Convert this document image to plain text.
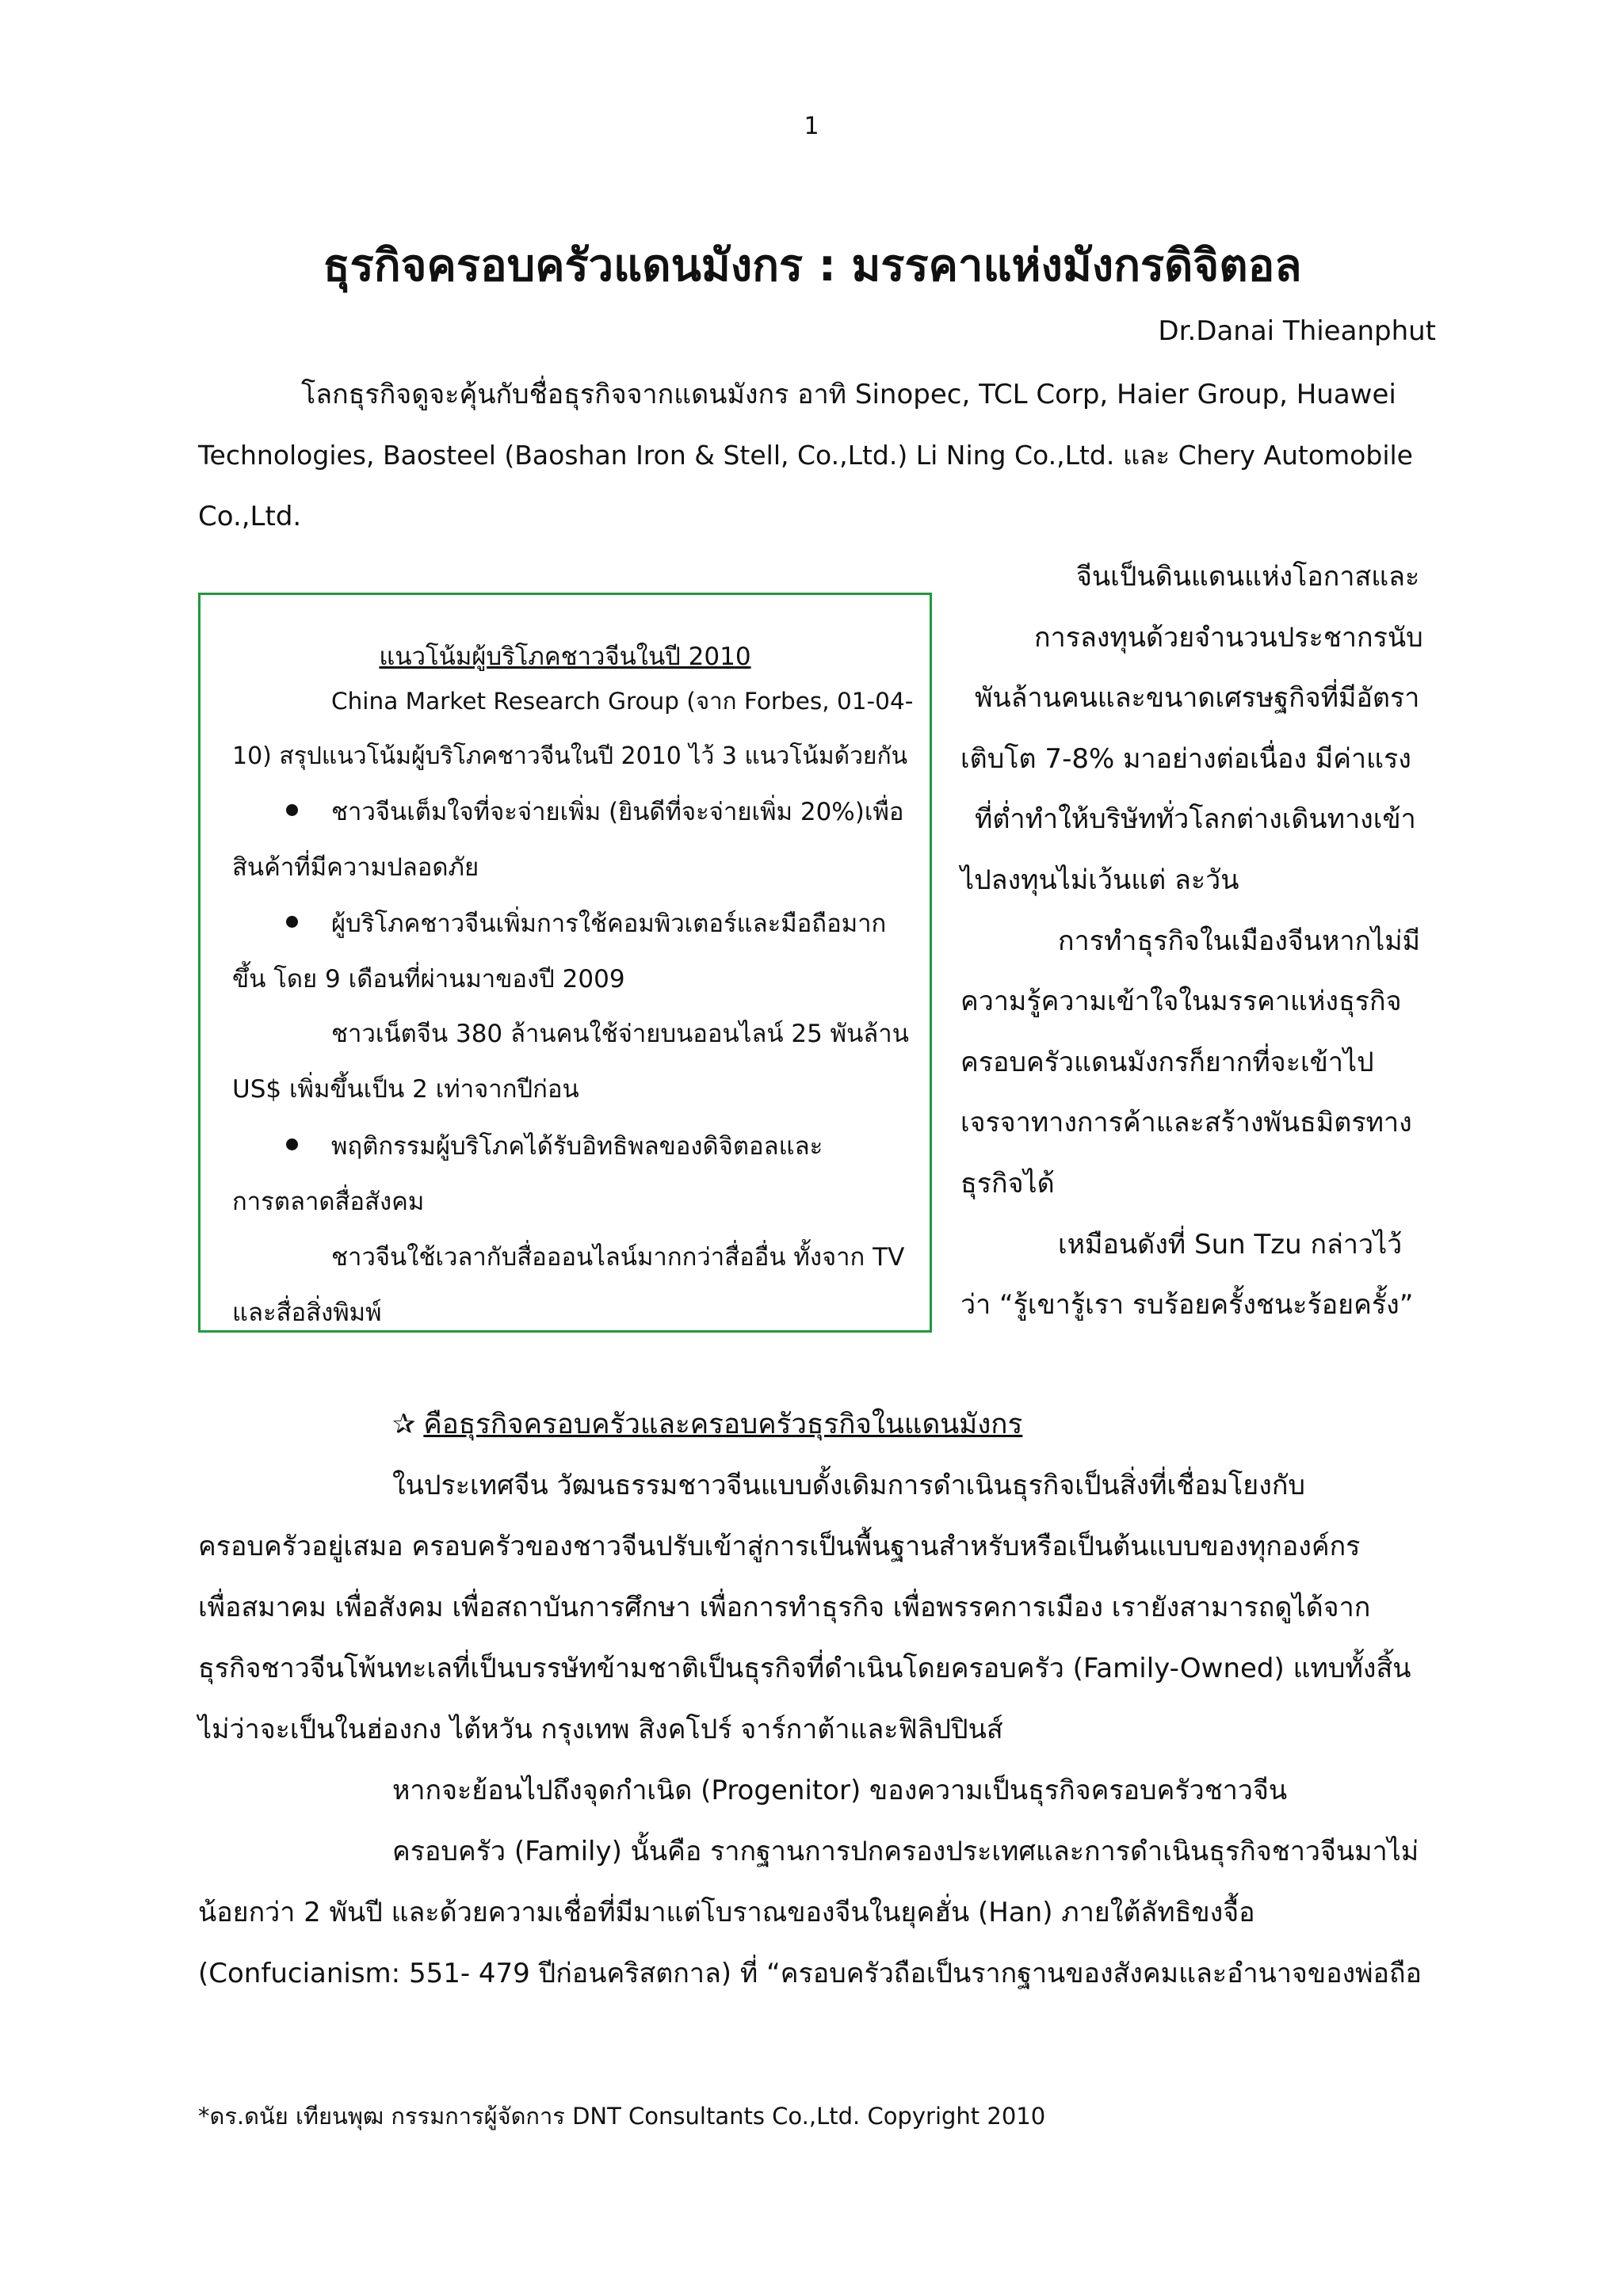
1
ธุรกิจครอบครัวแดนมังกร : มรรคาแห่งมังกรดิจิตอล
Dr.Danai Thieanphut
โลกธุรกิจดูจะคุ้นกับชื่อธุรกิจจากแดนมังกร อาทิ Sinopec, TCL Corp, Haier Group, Huawei
Technologies, Baosteel (Baoshan Iron & Stell, Co.,Ltd.) Li Ning Co.,Ltd. และ Chery Automobile
Co.,Ltd.
แนวโน้มผู้บริโภคชาวจีนในปี 2010
China Market Research Group (จาก Forbes, 01-04-
10) สรุปแนวโน้มผู้บริโภคชาวจีนในปี 2010 ไว้ 3 แนวโน้มด้วยกัน
ชาวจีนเต็มใจที่จะจ่ายเพิ่ม (ยินดีที่จะจ่ายเพิ่ม 20%)เพื่อ
สินค้าที่มีความปลอดภัย
ผู้บริโภคชาวจีนเพิ่มการใช้คอมพิวเตอร์และมือถือมาก
ขึ้น โดย 9 เดือนที่ผ่านมาของปี 2009
ชาวเน็ตจีน 380 ล้านคนใช้จ่ายบนออนไลน์ 25 พันล้าน
US$ เพิ่มขึ้นเป็น 2 เท่าจากปีก่อน
พฤติกรรมผู้บริโภคได้รับอิทธิพลของดิจิตอลและ
การตลาดสื่อสังคม
ชาวจีนใช้เวลากับสื่อออนไลน์มากกว่าสื่ออื่น ทั้งจาก TV
และสื่อสิ่งพิมพ์
จีนเป็นดินแดนแห่งโอกาสและ
การลงทุนด้วยจำนวนประชากรนับ
พันล้านคนและขนาดเศรษฐกิจที่มีอัตรา
เติบโต 7-8% มาอย่างต่อเนื่อง มีค่าแรง
ที่ต่ำทำให้บริษัททั่วโลกต่างเดินทางเข้า
ไปลงทุนไม่เว้นแต่ ละวัน
การทำธุรกิจในเมืองจีนหากไม่มี
ความรู้ความเข้าใจในมรรคาแห่งธุรกิจ
ครอบครัวแดนมังกรก็ยากที่จะเข้าไป
เจรจาทางการค้าและสร้างพันธมิตรทาง
ธุรกิจได้
เหมือนดังที่ Sun Tzu กล่าวไว้
ว่า “รู้เขารู้เรา รบร้อยครั้งชนะร้อยครั้ง”
✰ คือธุรกิจครอบครัวและครอบครัวธุรกิจในแดนมังกร
ในประเทศจีน วัฒนธรรมชาวจีนแบบดั้งเดิมการดำเนินธุรกิจเป็นสิ่งที่เชื่อมโยงกับ
ครอบครัวอยู่เสมอ ครอบครัวของชาวจีนปรับเข้าสู่การเป็นพื้นฐานสำหรับหรือเป็นต้นแบบของทุกองค์กร
เพื่อสมาคม เพื่อสังคม เพื่อสถาบันการศึกษา เพื่อการทำธุรกิจ เพื่อพรรคการเมือง เรายังสามารถดูได้จาก
ธุรกิจชาวจีนโพ้นทะเลที่เป็นบรรษัทข้ามชาติเป็นธุรกิจที่ดำเนินโดยครอบครัว (Family-Owned) แทบทั้งสิ้น
ไม่ว่าจะเป็นในฮ่องกง ไต้หวัน กรุงเทพ สิงคโปร์ จาร์กาต้าและฟิลิปปินส์
หากจะย้อนไปถึงจุดกำเนิด (Progenitor) ของความเป็นธุรกิจครอบครัวชาวจีน
ครอบครัว (Family) นั้นคือ รากฐานการปกครองประเทศและการดำเนินธุรกิจชาวจีนมาไม่
น้อยกว่า 2 พันปี และด้วยความเชื่อที่มีมาแต่โบราณของจีนในยุคฮั่น (Han) ภายใต้ลัทธิขงจื้อ
(Confucianism: 551- 479 ปีก่อนคริสตกาล) ที่ “ครอบครัวถือเป็นรากฐานของสังคมและอำนาจของพ่อถือ
*ดร.ดนัย เทียนพุฒ กรรมการผู้จัดการ DNT Consultants Co.,Ltd. Copyright 2010
